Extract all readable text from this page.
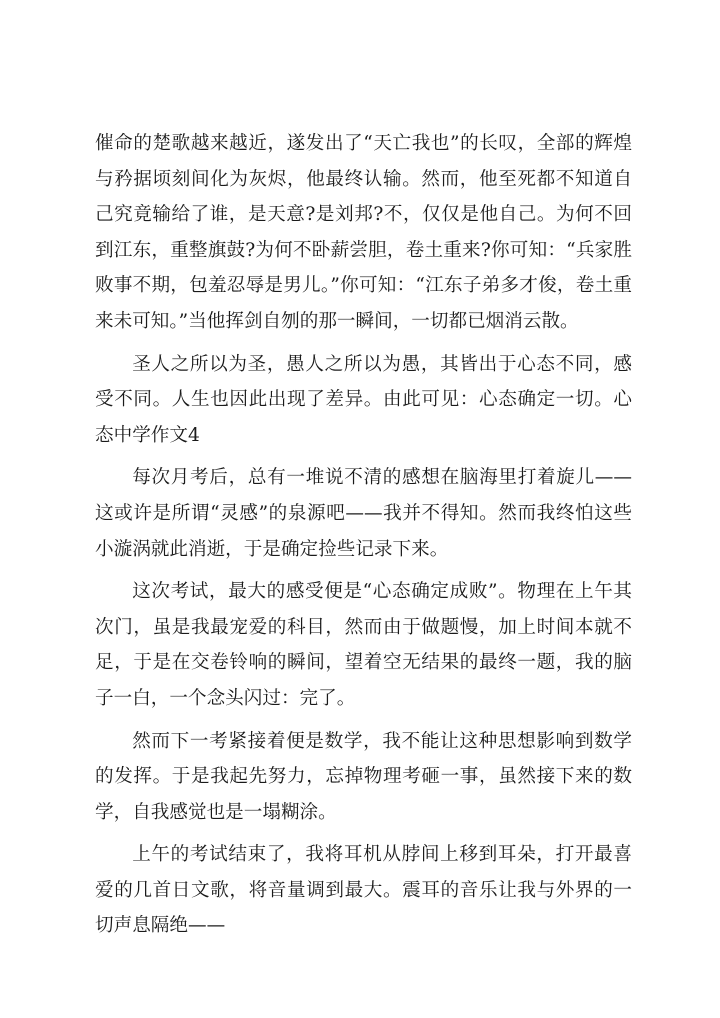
催命的楚歌越来越近，遂发出了“天亡我也”的长叹，全部的辉煌与矜据顷刻间化为灰烬，他最终认输。然而，他至死都不知道自己究竟输给了谁，是天意?是刘邦?不，仅仅是他自己。为何不回到江东，重整旗鼓?为何不卧薪尝胆，卷土重来?你可知：“兵家胜败事不期，包羞忍辱是男儿。”你可知：“江东子弟多才俊，卷土重来未可知。”当他挥剑自刎的那一瞬间，一切都已烟消云散。

圣人之所以为圣，愚人之所以为愚，其皆出于心态不同，感受不同。人生也因此出现了差异。由此可见：心态确定一切。心态中学作文4

每次月考后，总有一堆说不清的感想在脑海里打着旋儿——这或许是所谓“灵感”的泉源吧——我并不得知。然而我终怕这些小漩涡就此消逝，于是确定捡些记录下来。

这次考试，最大的感受便是“心态确定成败”。物理在上午其次门，虽是我最宠爱的科目，然而由于做题慢，加上时间本就不足，于是在交卷铃响的瞬间，望着空无结果的最终一题，我的脑子一白，一个念头闪过：完了。

然而下一考紧接着便是数学，我不能让这种思想影响到数学的发挥。于是我起先努力，忘掉物理考砸一事，虽然接下来的数学，自我感觉也是一塌糊涂。

上午的考试结束了，我将耳机从脖间上移到耳朵，打开最喜爱的几首日文歌，将音量调到最大。震耳的音乐让我与外界的一切声息隔绝——
